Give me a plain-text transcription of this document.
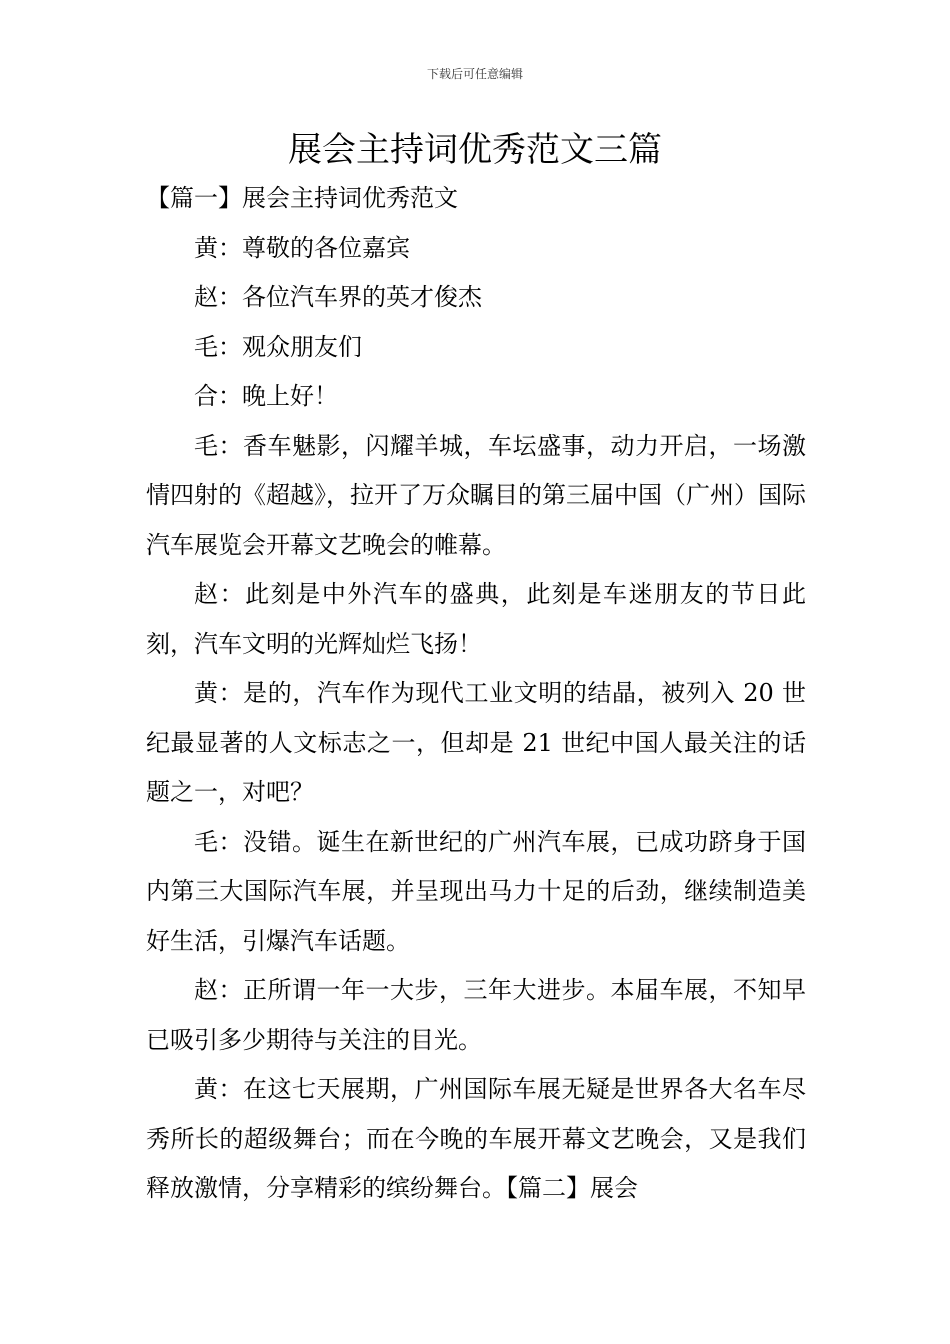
下载后可任意编辑
展会主持词优秀范文三篇

【篇一】展会主持词优秀范文

黄：尊敬的各位嘉宾

赵：各位汽车界的英才俊杰

毛：观众朋友们

合：晚上好！

毛：香车魅影，闪耀羊城，车坛盛事，动力开启，一场激情四射的《超越》，拉开了万众瞩目的第三届中国（广州）国际汽车展览会开幕文艺晚会的帷幕。

赵：此刻是中外汽车的盛典，此刻是车迷朋友的节日此刻，汽车文明的光辉灿烂飞扬！

黄：是的，汽车作为现代工业文明的结晶，被列入 20 世纪最显著的人文标志之一，但却是 21 世纪中国人最关注的话题之一，对吧？

毛：没错。诞生在新世纪的广州汽车展，已成功跻身于国内第三大国际汽车展，并呈现出马力十足的后劲，继续制造美好生活，引爆汽车话题。

赵：正所谓一年一大步，三年大进步。本届车展，不知早已吸引多少期待与关注的目光。

黄：在这七天展期，广州国际车展无疑是世界各大名车尽秀所长的超级舞台；而在今晚的车展开幕文艺晚会，又是我们释放激情，分享精彩的缤纷舞台。【篇二】展会
